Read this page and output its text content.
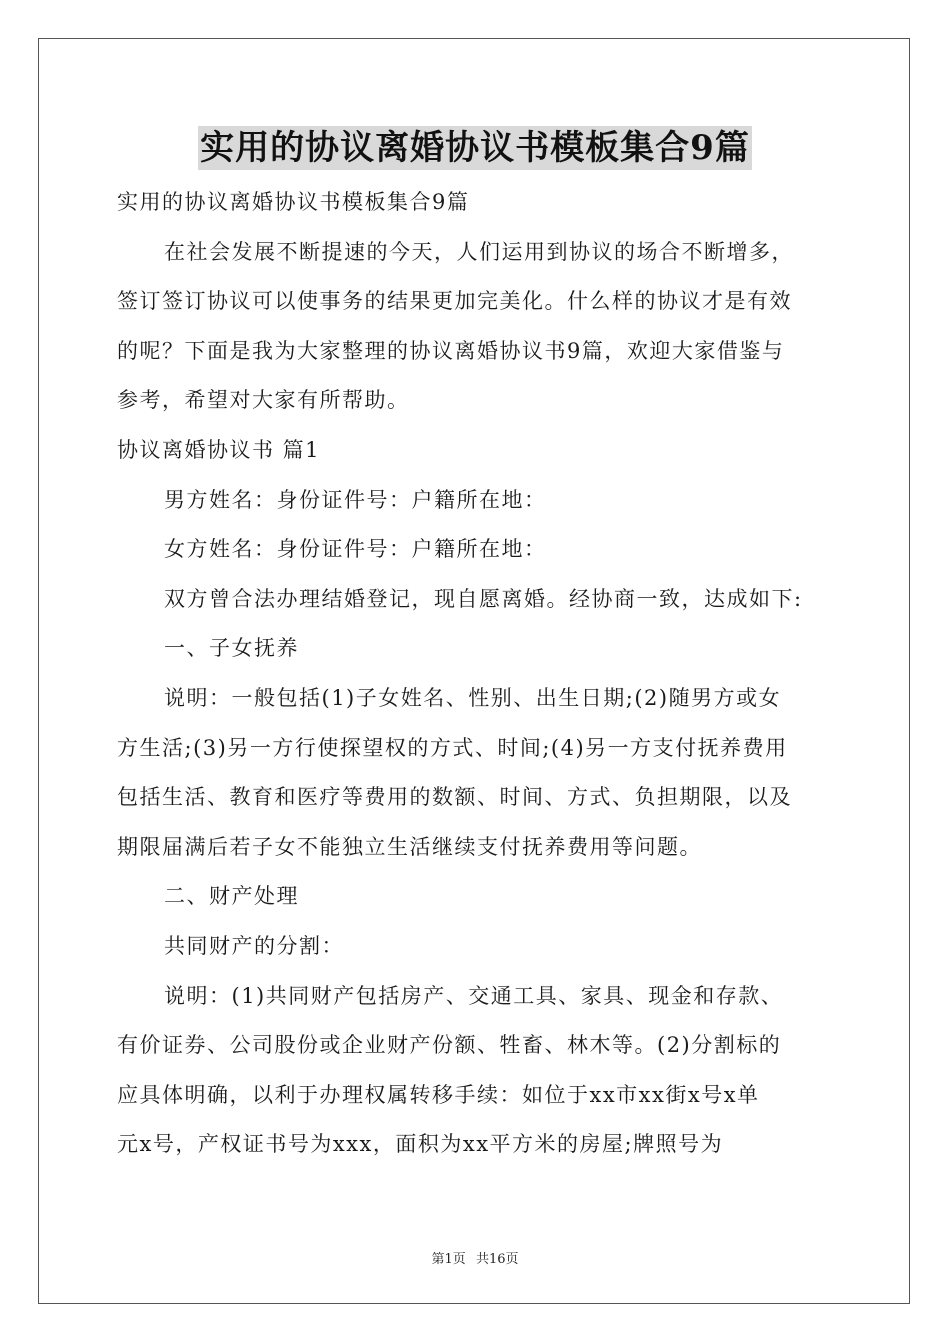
实用的协议离婚协议书模板集合9篇
实用的协议离婚协议书模板集合9篇
在社会发展不断提速的今天，人们运用到协议的场合不断增多，
签订签订协议可以使事务的结果更加完美化。什么样的协议才是有效
的呢？下面是我为大家整理的协议离婚协议书9篇，欢迎大家借鉴与
参考，希望对大家有所帮助。
协议离婚协议书 篇1
男方姓名：身份证件号：户籍所在地：
女方姓名：身份证件号：户籍所在地：
双方曾合法办理结婚登记，现自愿离婚。经协商一致，达成如下:
一、子女抚养
说明：一般包括(1)子女姓名、性别、出生日期;(2)随男方或女
方生活;(3)另一方行使探望权的方式、时间;(4)另一方支付抚养费用
包括生活、教育和医疗等费用的数额、时间、方式、负担期限，以及
期限届满后若子女不能独立生活继续支付抚养费用等问题。
二、财产处理
共同财产的分割：
说明：(1)共同财产包括房产、交通工具、家具、现金和存款、
有价证券、公司股份或企业财产份额、牲畜、林木等。(2)分割标的
应具体明确，以利于办理权属转移手续：如位于xx市xx街x号x单
元x号，产权证书号为xxx，面积为xx平方米的房屋;牌照号为
第1页 共16页
